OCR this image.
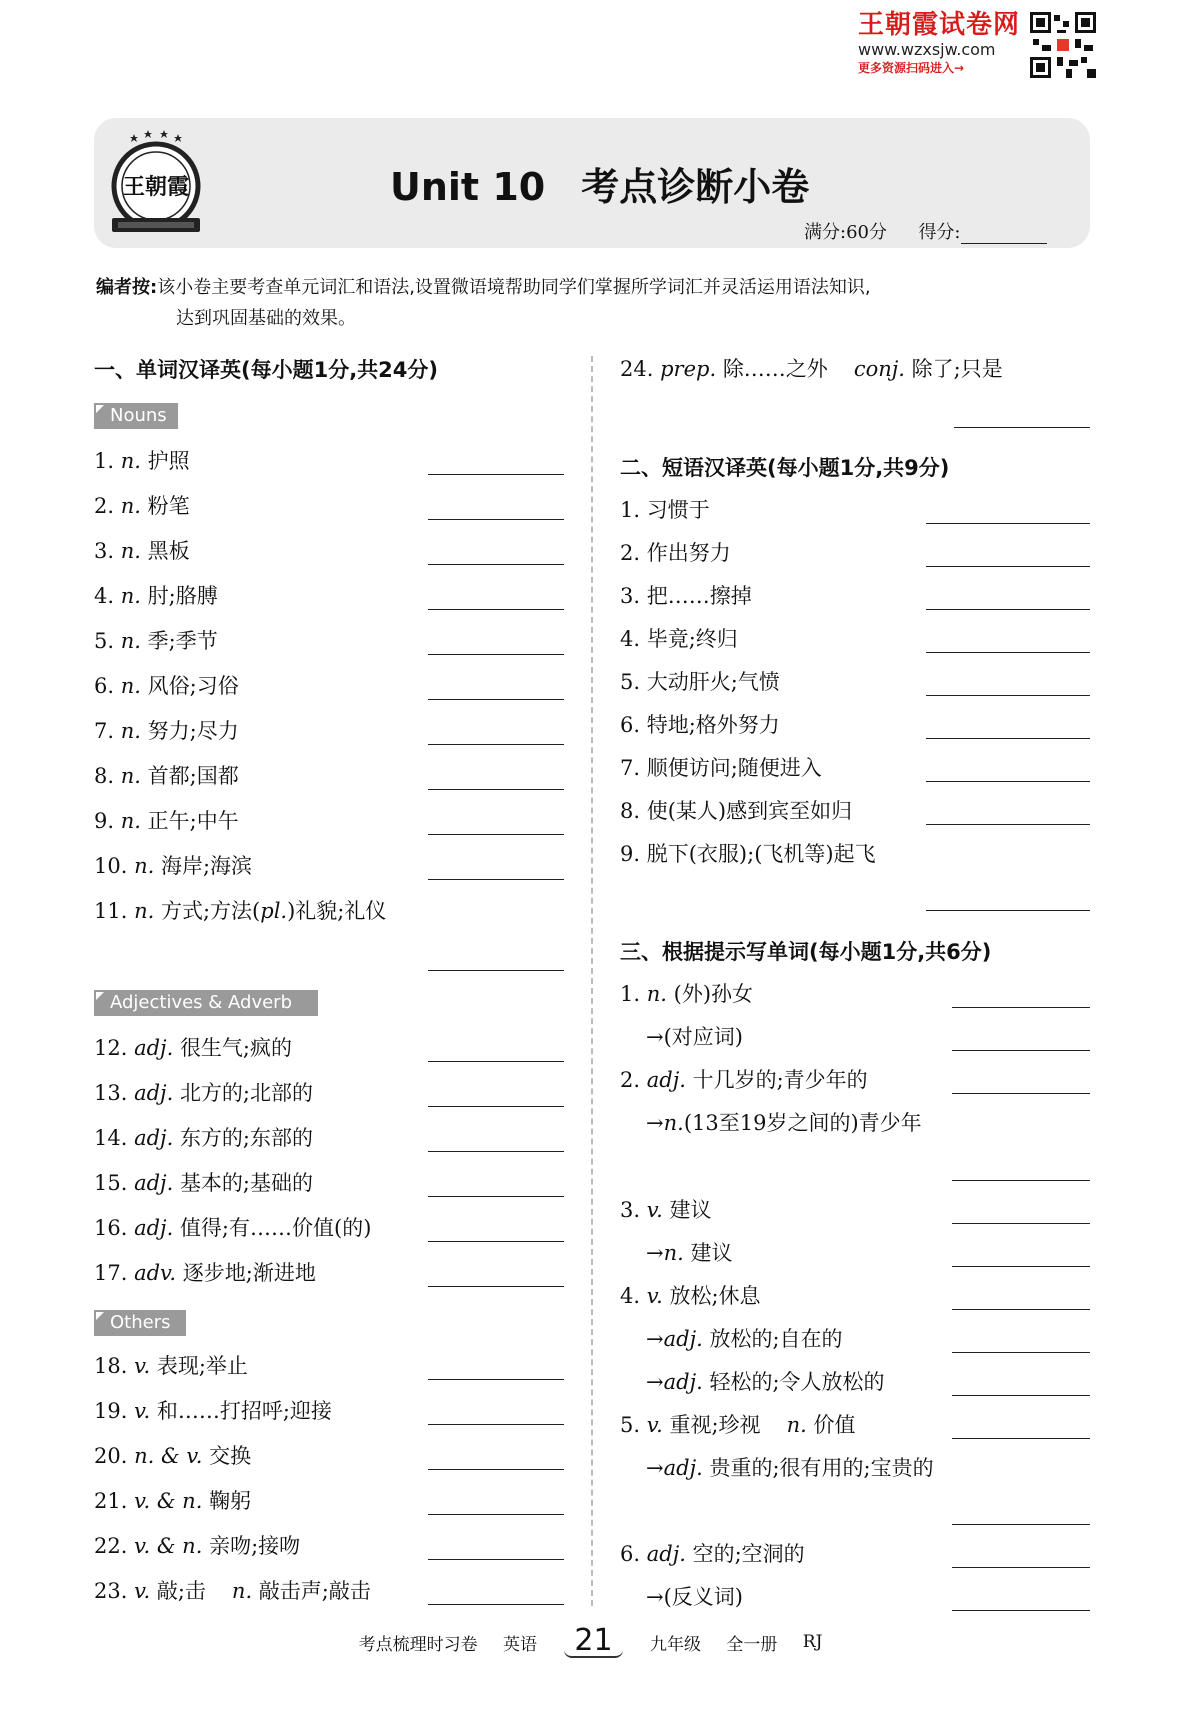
王朝霞试卷网
www.wzxsjw.com
更多资源扫码进入→
王朝霞	Unit 10 考点诊断小卷
满分:60分 得分:
编者按:该小卷主要考查单元词汇和语法,设置微语境帮助同学们掌握所学词汇并灵活运用语法知识,
达到巩固基础的效果。
一、单词汉译英(每小题1分,共24分)
Nouns
1. n. 护照
2. n. 粉笔
3. n. 黑板
4. n. 肘;胳膊
5. n. 季;季节
6. n. 风俗;习俗
7. n. 努力;尽力
8. n. 首都;国都
9. n. 正午;中午
10. n. 海岸;海滨
11. n. 方式;方法(pl.)礼貌;礼仪
Adjectives & Adverb
12. adj. 很生气;疯的
13. adj. 北方的;北部的
14. adj. 东方的;东部的
15. adj. 基本的;基础的
16. adj. 值得;有……价值(的)
17. adv. 逐步地;渐进地
Others
18. v. 表现;举止
19. v. 和……打招呼;迎接
20. n. & v. 交换
21. v. & n. 鞠躬
22. v. & n. 亲吻;接吻
23. v. 敲;击 n. 敲击声;敲击
24. prep. 除……之外 conj. 除了;只是
二、短语汉译英(每小题1分,共9分)
1. 习惯于
2. 作出努力
3. 把……擦掉
4. 毕竟;终归
5. 大动肝火;气愤
6. 特地;格外努力
7. 顺便访问;随便进入
8. 使(某人)感到宾至如归
9. 脱下(衣服);(飞机等)起飞
三、根据提示写单词(每小题1分,共6分)
1. n. (外)孙女
→(对应词)
2. adj. 十几岁的;青少年的
→n.(13至19岁之间的)青少年
3. v. 建议
→n. 建议
4. v. 放松;休息
→adj. 放松的;自在的
→adj. 轻松的;令人放松的
5. v. 重视;珍视 n. 价值
→adj. 贵重的;很有用的;宝贵的
6. adj. 空的;空洞的
→(反义词)
考点梳理时习卷 英语 21 九年级 全一册 RJ
